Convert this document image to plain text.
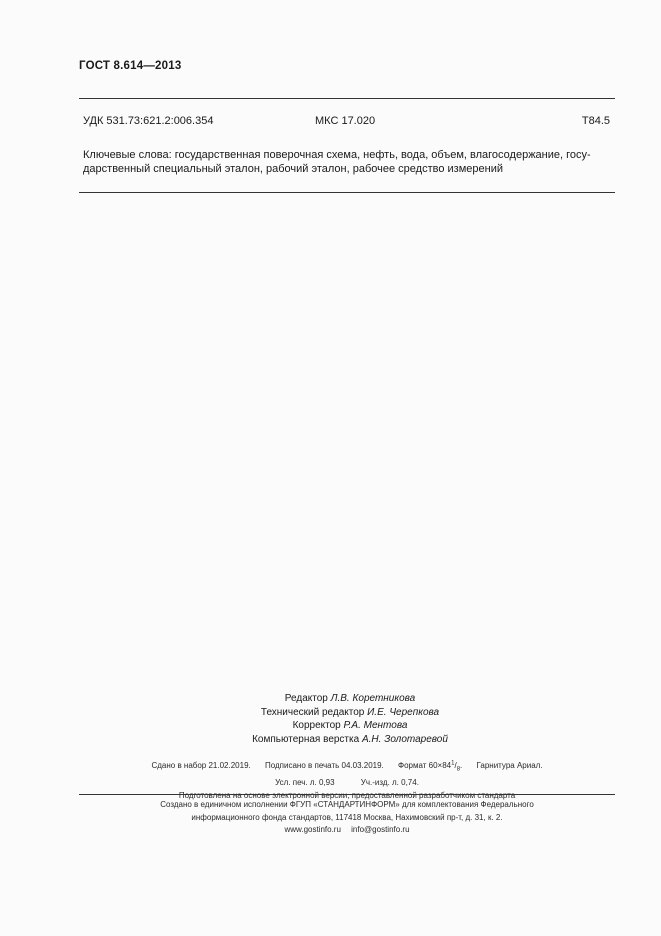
ГОСТ 8.614—2013
УДК 531.73:621.2:006.354	МКС 17.020	Т84.5
Ключевые слова: государственная поверочная схема, нефть, вода, объем, влагосодержание, госу-
дарственный специальный эталон, рабочий эталон, рабочее средство измерений
Редактор Л.В. Коретникова
Технический редактор И.Е. Черепкова
Корректор Р.А. Ментова
Компьютерная верстка А.Н. Золотаревой
Сдано в набор 21.02.2019. Подписано в печать 04.03.2019. Формат $60\times 84^1/_8$. Гарнитура Ариал.
Усл. печ. л. 0,93	Уч.-изд. л. 0,74.
Подготовлена на основе электронной версии, предоставленной разработчиком стандарта
Создано в единичном исполнении ФГУП «СТАНДАРТИНФОРМ» для комплектования Федерального
информационного фонда стандартов, 117418 Москва, Нахимовский пр-т, д. 31, к. 2.
www.gostinfo.ru info@gostinfo.ru
